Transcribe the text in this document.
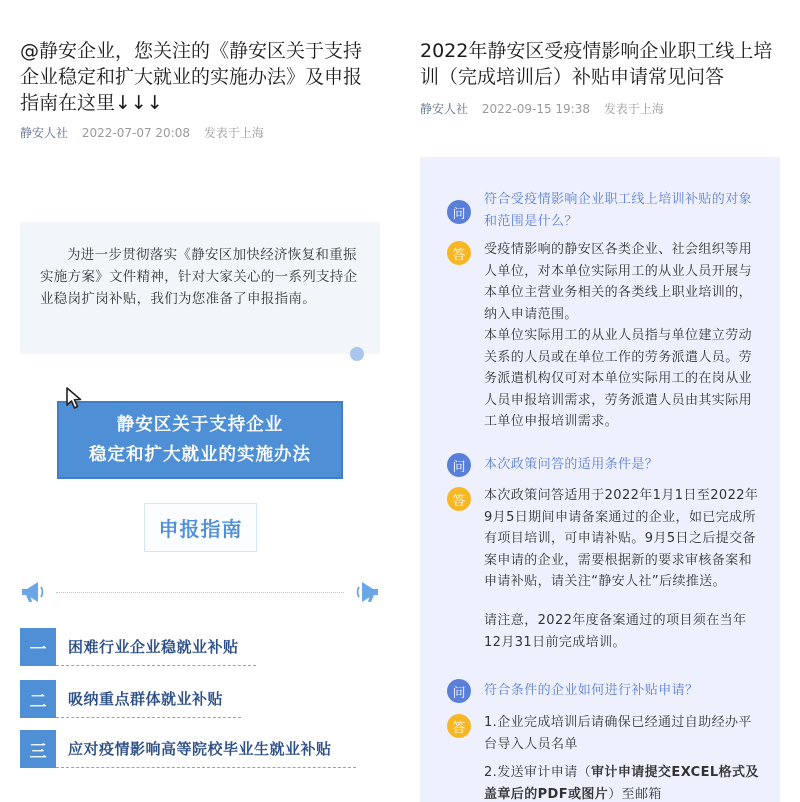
@静安企业，您关注的《静安区关于支持企业稳定和扩大就业的实施办法》及申报指南在这里↓↓↓
静安人社 2022-07-07 20:08 发表于上海

为进一步贯彻落实《静安区加快经济恢复和重振实施方案》文件精神，针对大家关心的一系列支持企业稳岗扩岗补贴，我们为您准备了申报指南。

静安区关于支持企业
稳定和扩大就业的实施办法
申报指南
一	困难行业企业稳就业补贴
二	吸纳重点群体就业补贴
三	应对疫情影响高等院校毕业生就业补贴
2022年静安区受疫情影响企业职工线上培训（完成培训后）补贴申请常见问答
静安人社 2022-09-15 19:38 发表于上海
问

符合受疫情影响企业职工线上培训补贴的对象和范围是什么？

答	受疫情影响的静安区各类企业、社会组织等用人单位，对本单位实际用工的从业人员开展与本单位主营业务相关的各类线上职业培训的，纳入申请范围。

本单位实际用工的从业人员指与单位建立劳动关系的人员或在单位工作的劳务派遣人员。劳务派遣机构仅可对本单位实际用工的在岗从业人员申报培训需求，劳务派遣人员由其实际用工单位申报培训需求。

问	本次政策问答的适用条件是？

答	本次政策问答适用于2022年1月1日至2022年9月5日期间申请备案通过的企业，如已完成所有项目培训，可申请补贴。9月5日之后提交备案申请的企业，需要根据新的要求审核备案和申请补贴，请关注“静安人社”后续推送。

请注意，2022年度备案通过的项目须在当年12月31日前完成培训。

问	符合条件的企业如何进行补贴申请？

答	1.企业完成培训后请确保已经通过自助经办平台导入人员名单

2.发送审计申请（审计申请提交EXCEL格式及盖章后的PDF或图片）至邮箱
